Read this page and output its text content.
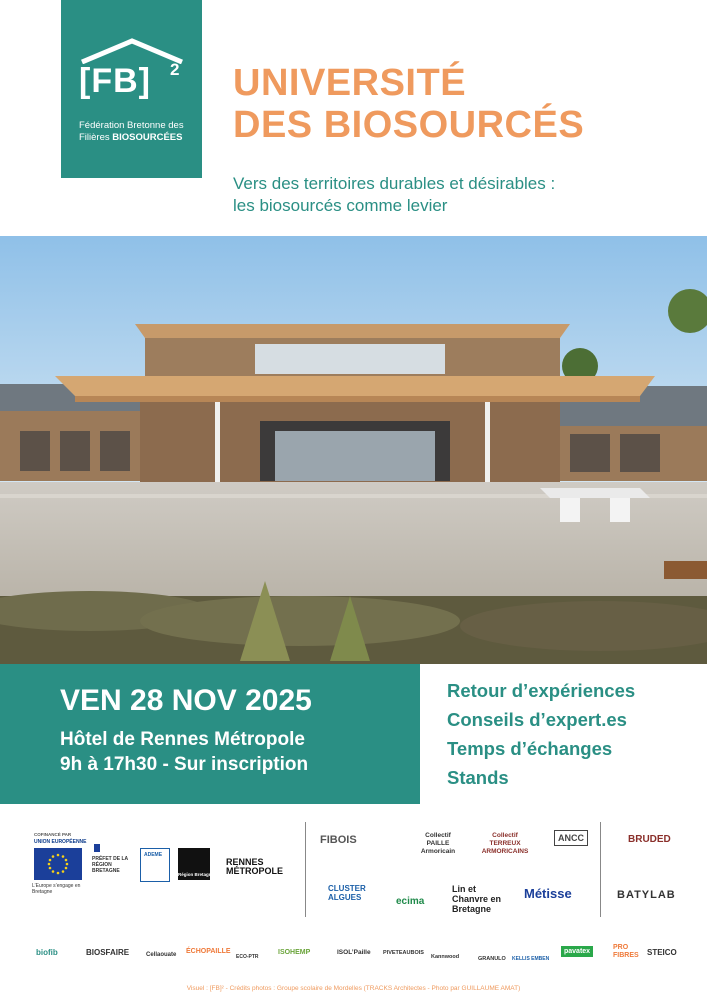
[FB] 2
Fédération Bretonne des
Filières BIOSOURCÉES
UNIVERSITÉ
DES BIOSOURCÉS
Vers des territoires durables et désirables :
les biosourcés comme levier
VEN 28 NOV 2025
Hôtel de Rennes Métropole
9h à 17h30 - Sur inscription
Retour d’expériences
Conseils d’expert.es
Temps d’échanges
Stands
COFINANCÉ PAR
UNION EUROPÉENNE
L’Europe s’engage en Bretagne
PRÉFET DE LA RÉGION BRETAGNE
ADEME
Région Bretagne
RENNES MÉTROPOLE
FIBOIS	Collectif PAILLE Armoricain
Collectif TERREUX ARMORICAINS
ANCC	BRUDED
CLUSTER ALGUES	ecima
Lin et Chanvre en Bretagne
Métisse	BATYLAB
biofib	BIOSFAIRE	Cellaouate ÉCHOPAILLE
ECO-PTR
ISOHEMP	ISOL’Paille PIVETEAUBOIS
Kannwood	GRANULO KELLIS EMBEN
pavatex
PRO FIBRES STEICO
Visuel : [FB]² - Crédits photos : Groupe scolaire de Mordelles (TRACKS Architectes - Photo par GUILLAUME AMAT)
